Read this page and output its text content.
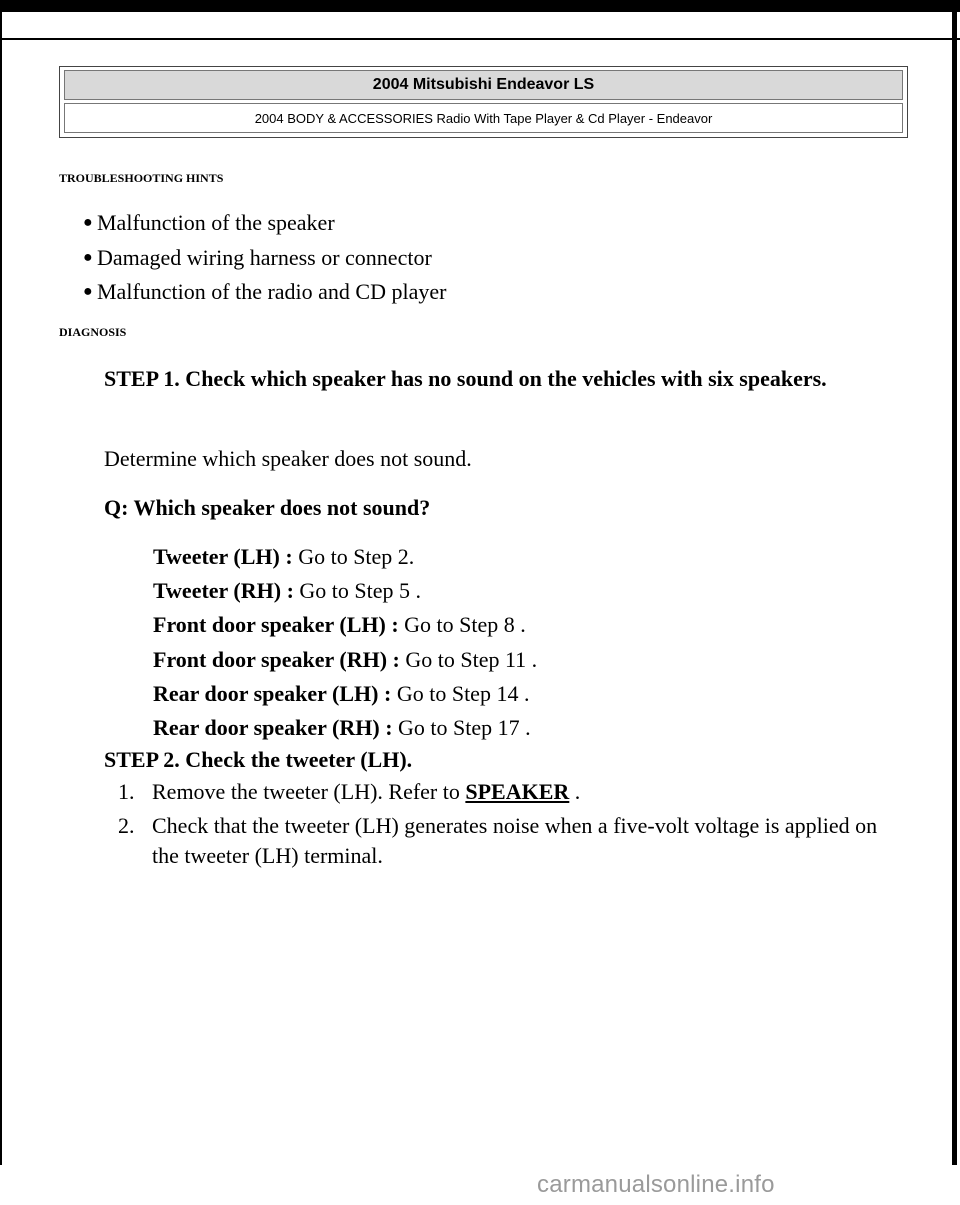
2004 Mitsubishi Endeavor LS
2004 BODY & ACCESSORIES Radio With Tape Player & Cd Player - Endeavor
TROUBLESHOOTING HINTS
● Malfunction of the speaker
● Damaged wiring harness or connector
● Malfunction of the radio and CD player
DIAGNOSIS
STEP 1. Check which speaker has no sound on the vehicles with six speakers.
Determine which speaker does not sound.
Q: Which speaker does not sound?
Tweeter (LH) : Go to Step 2.
Tweeter (RH) : Go to Step 5 .
Front door speaker (LH) : Go to Step 8 .
Front door speaker (RH) : Go to Step 11 .
Rear door speaker (LH) : Go to Step 14 .
Rear door speaker (RH) : Go to Step 17 .
STEP 2. Check the tweeter (LH).
1. Remove the tweeter (LH). Refer to SPEAKER .
2. Check that the tweeter (LH) generates noise when a five-volt voltage is applied on the tweeter (LH) terminal.
carmanualsonline.info
